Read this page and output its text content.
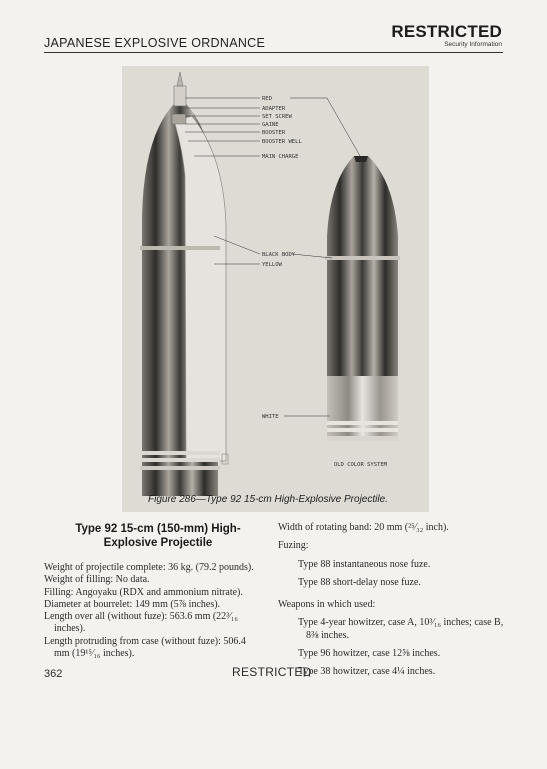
JAPANESE EXPLOSIVE ORDNANCE
RESTRICTED
Security Information
RED
ADAPTER
SET SCREW
GAINE
BOOSTER
BOOSTER WELL
MAIN CHARGE
BLACK BODY
YELLOW
WHITE
OLD COLOR SYSTEM
Figure 286—Type 92 15-cm High-Explosive Projectile.
Type 92 15-cm (150-mm) High-Explosive Projectile

Weight of projectile complete: 36 kg. (79.2 pounds).

Weight of filling: No data.

Filling: Angoyaku (RDX and ammonium nitrate).

Diameter at bourrelet: 149 mm (5⅞ inches).

Length over all (without fuze): 563.6 mm (22³⁄₁₆ inches).

Length protruding from case (without fuze): 506.4 mm (19¹⁵⁄₁₆ inches).

Width of rotating band: 20 mm (²⁵⁄₃₂ inch).

Fuzing:

Type 88 instantaneous nose fuze.

Type 88 short-delay nose fuze.

Weapons in which used:

Type 4-year howitzer, case A, 10³⁄₁₆ inches; case B, 8⅜ inches.

Type 96 howitzer, case 12⅝ inches.

Type 38 howitzer, case 4¼ inches.

362	RESTRICTED
